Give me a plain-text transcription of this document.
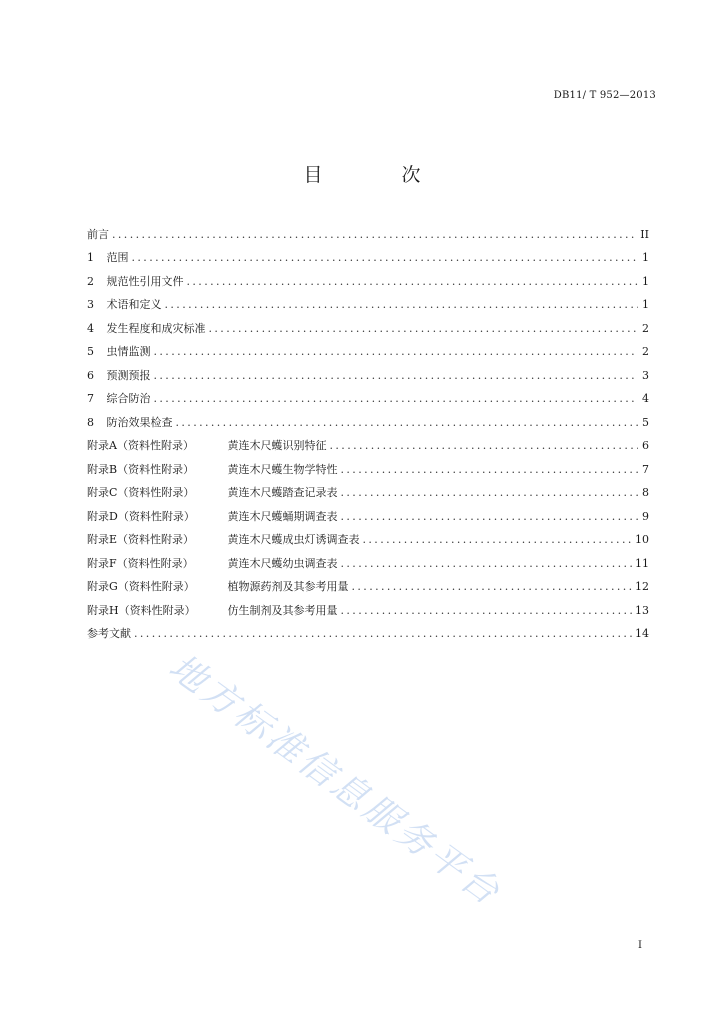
DB11/ T 952—2013
目　次
前言 .....	II
1 范围 .....	1
2 规范性引用文件 .....	1
3 术语和定义 .....	1
4 发生程度和成灾标准 .....	2
5 虫情监测 .....	2
6 预测预报 .....	3
7 综合防治 .....	4
8 防治效果检查 .....	5
附录A（资料性附录）	黄连木尺蠖识别特征 .....	6
附录B（资料性附录）	黄连木尺蠖生物学特性 .....	7
附录C（资料性附录）	黄连木尺蠖踏查记录表 .....	8
附录D（资料性附录）	黄连木尺蠖蛹期调查表 .....	9
附录E（资料性附录）	黄连木尺蠖成虫灯诱调查表 .....	10
附录F（资料性附录）	黄连木尺蠖幼虫调查表 .....	11
附录G（资料性附录）	植物源药剂及其参考用量 .....	12
附录H（资料性附录）	仿生制剂及其参考用量 .....	13
参考文献 .....	14
地方标准信息服务平台
I
